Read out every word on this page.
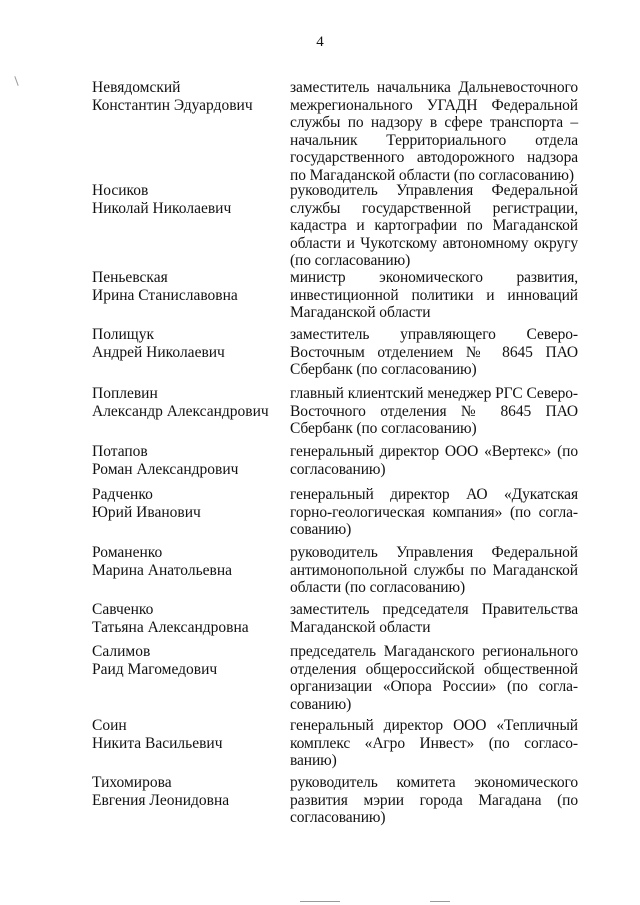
4
Невядомский
Константин Эдуардович
заместитель начальника Дальневосточного межрегионального УГАДН Федеральной службы по надзору в сфере транспорта – начальник Территориального отдела государственного автодорожного надзора по Магаданской области (по согласованию)
Носиков
Николай Николаевич
руководитель Управления Федеральной службы государственной регистрации, кадастра и картографии по Магаданской области и Чукотскому автономному округу (по согласованию)
Пеньевская
Ирина Станиславовна
министр экономического развития, инвестиционной политики и инноваций Магаданской области
Полищук
Андрей Николаевич
заместитель управляющего Северо-Восточным отделением № 8645 ПАО Сбербанк (по согласованию)
Поплевин
Александр Александрович
главный клиентский менеджер РГС Северо-Восточного отделения № 8645 ПАО Сбербанк (по согласованию)
Потапов
Роман Александрович
генеральный директор ООО «Вертекс» (по согласованию)
Радченко
Юрий Иванович
генеральный директор АО «Дукатская горно-геологическая компания» (по согла-сованию)
Романенко
Марина Анатольевна
руководитель Управления Федеральной антимонопольной службы по Магаданской области (по согласованию)
Савченко
Татьяна Александровна
заместитель председателя Правительства Магаданской области
Салимов
Раид Магомедович
председатель Магаданского регионального отделения общероссийской общественной организации «Опора России» (по согла-сованию)
Соин
Никита Васильевич
генеральный директор ООО «Тепличный комплекс «Агро Инвест» (по согласо-ванию)
Тихомирова
Евгения Леонидовна
руководитель комитета экономического развития мэрии города Магадана (по согласованию)
